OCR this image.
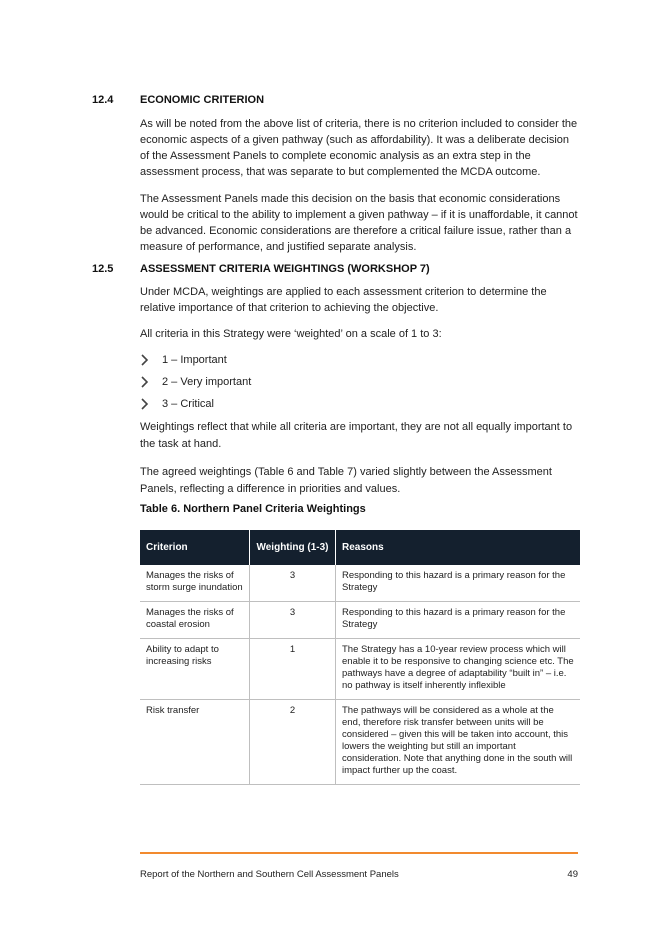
12.4 ECONOMIC CRITERION

As will be noted from the above list of criteria, there is no criterion included to consider the economic aspects of a given pathway (such as affordability). It was a deliberate decision of the Assessment Panels to complete economic analysis as an extra step in the assessment process, that was separate to but complemented the MCDA outcome.

The Assessment Panels made this decision on the basis that economic considerations would be critical to the ability to implement a given pathway – if it is unaffordable, it cannot be advanced. Economic considerations are therefore a critical failure issue, rather than a measure of performance, and justified separate analysis.

12.5 ASSESSMENT CRITERIA WEIGHTINGS (WORKSHOP 7)

Under MCDA, weightings are applied to each assessment criterion to determine the relative importance of that criterion to achieving the objective.

All criteria in this Strategy were ‘weighted’ on a scale of 1 to 3:

1 – Important
2 – Very important
3 – Critical

Weightings reflect that while all criteria are important, they are not all equally important to the task at hand.

The agreed weightings (Table 6 and Table 7) varied slightly between the Assessment Panels, reflecting a difference in priorities and values.

Table 6. Northern Panel Criteria Weightings
Criterion	Weighting (1-3)	Reasons
Manages the risks of storm surge inundation	3	Responding to this hazard is a primary reason for the Strategy
Manages the risks of coastal erosion	3	Responding to this hazard is a primary reason for the Strategy
Ability to adapt to increasing risks	1	The Strategy has a 10-year review process which will enable it to be responsive to changing science etc. The pathways have a degree of adaptability “built in” – i.e. no pathway is itself inherently inflexible
Risk transfer	2	The pathways will be considered as a whole at the end, therefore risk transfer between units will be considered – given this will be taken into account, this lowers the weighting but still an important consideration. Note that anything done in the south will impact further up the coast.
Report of the Northern and Southern Cell Assessment Panels	49
